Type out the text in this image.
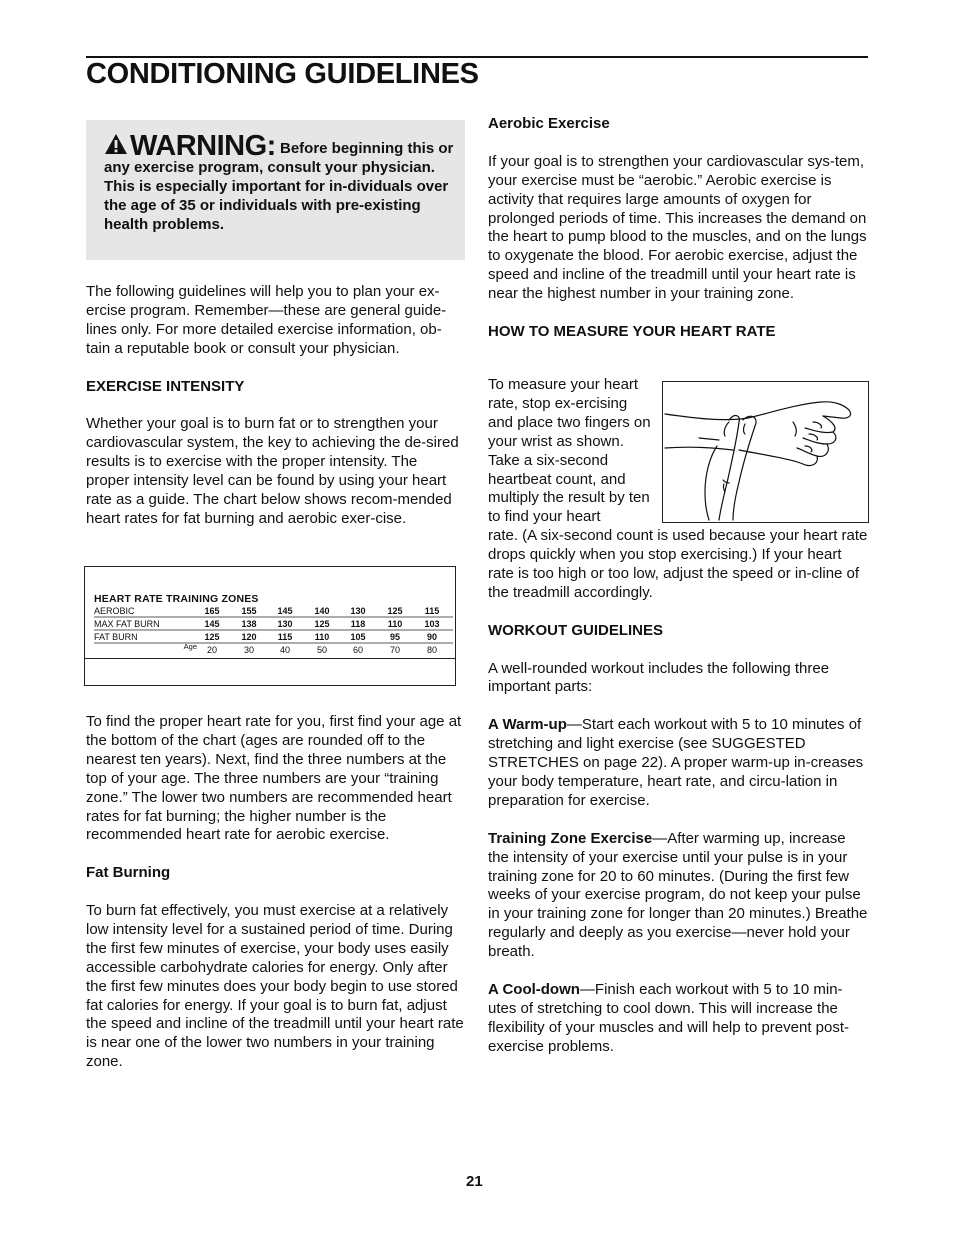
CONDITIONING GUIDELINES
WARNING: Before beginning this or any exercise program, consult your physician. This is especially important for in-dividuals over the age of 35 or individuals with pre-existing health problems.

The following guidelines will help you to plan your ex-ercise program. Remember—these are general guide-lines only. For more detailed exercise information, ob-tain a reputable book or consult your physician.

EXERCISE INTENSITY

Whether your goal is to burn fat or to strengthen your cardiovascular system, the key to achieving the de-sired results is to exercise with the proper intensity. The proper intensity level can be found by using your heart rate as a guide. The chart below shows recom-mended heart rates for fat burning and aerobic exer-cise.

HEART RATE TRAINING ZONES
AEROBIC	165 155 145 140 130 125 115
MAX FAT BURN	145 138 130 125 118 110 103
FAT BURN	125 120 115 110 105	95	90
Age 20	30	40	50	60	70	80

To find the proper heart rate for you, first find your age at the bottom of the chart (ages are rounded off to the nearest ten years). Next, find the three numbers at the top of your age. The three numbers are your “training zone.” The lower two numbers are recommended heart rates for fat burning; the higher number is the recommended heart rate for aerobic exercise.

Fat Burning

To burn fat effectively, you must exercise at a relatively low intensity level for a sustained period of time. During the first few minutes of exercise, your body uses easily accessible carbohydrate calories for energy. Only after the first few minutes does your body begin to use stored fat calories for energy. If your goal is to burn fat, adjust the speed and incline of the treadmill until your heart rate is near one of the lower two numbers in your training zone.

Aerobic Exercise

If your goal is to strengthen your cardiovascular sys-tem, your exercise must be “aerobic.” Aerobic exercise is activity that requires large amounts of oxygen for prolonged periods of time. This increases the demand on the heart to pump blood to the muscles, and on the lungs to oxygenate the blood. For aerobic exercise, adjust the speed and incline of the treadmill until your heart rate is near the highest number in your training zone.

HOW TO MEASURE YOUR HEART RATE

To measure your heart rate, stop ex-ercising and place two fingers on your wrist as shown. Take a six-second heartbeat count, and multiply the result by ten to find your heart

rate. (A six-second count is used because your heart rate drops quickly when you stop exercising.) If your heart rate is too high or too low, adjust the speed or in-cline of the treadmill accordingly.

WORKOUT GUIDELINES

A well-rounded workout includes the following three important parts:

A Warm-up—Start each workout with 5 to 10 minutes of stretching and light exercise (see SUGGESTED STRETCHES on page 22). A proper warm-up in-creases your body temperature, heart rate, and circu-lation in preparation for exercise.

Training Zone Exercise—After warming up, increase the intensity of your exercise until your pulse is in your training zone for 20 to 60 minutes. (During the first few weeks of your exercise program, do not keep your pulse in your training zone for longer than 20 minutes.) Breathe regularly and deeply as you exercise—never hold your breath.

A Cool-down—Finish each workout with 5 to 10 min-utes of stretching to cool down. This will increase the flexibility of your muscles and will help to prevent post-exercise problems.

21
